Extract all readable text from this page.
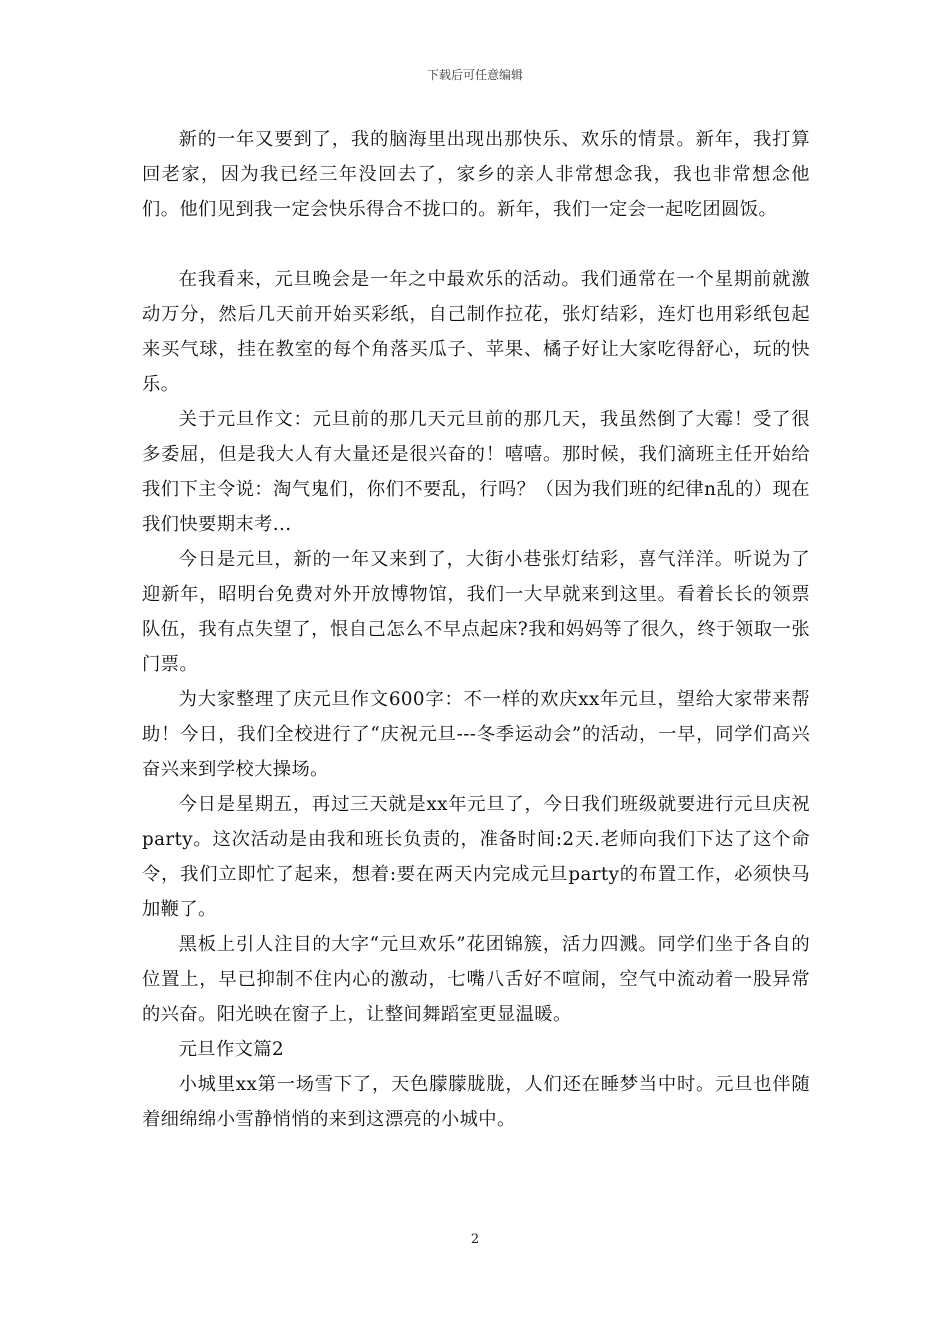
下载后可任意编辑

新的一年又要到了，我的脑海里出现出那快乐、欢乐的情景。新年，我打算回老家，因为我已经三年没回去了，家乡的亲人非常想念我，我也非常想念他们。他们见到我一定会快乐得合不拢口的。新年，我们一定会一起吃团圆饭。

在我看来，元旦晚会是一年之中最欢乐的活动。我们通常在一个星期前就激动万分，然后几天前开始买彩纸，自己制作拉花，张灯结彩，连灯也用彩纸包起来买气球，挂在教室的每个角落买瓜子、苹果、橘子好让大家吃得舒心，玩的快乐。

关于元旦作文：元旦前的那几天元旦前的那几天，我虽然倒了大霉！受了很多委屈，但是我大人有大量还是很兴奋的！嘻嘻。那时候，我们滴班主任开始给我们下主令说：淘气鬼们，你们不要乱，行吗？（因为我们班的纪律n乱的）现在我们快要期末考...

今日是元旦，新的一年又来到了，大街小巷张灯结彩，喜气洋洋。听说为了迎新年，昭明台免费对外开放博物馆，我们一大早就来到这里。看着长长的领票队伍，我有点失望了，恨自己怎么不早点起床?我和妈妈等了很久，终于领取一张门票。

为大家整理了庆元旦作文600字：不一样的欢庆xx年元旦，望给大家带来帮助！今日，我们全校进行了“庆祝元旦---冬季运动会”的活动，一早，同学们高兴奋兴来到学校大操场。

今日是星期五，再过三天就是xx年元旦了，今日我们班级就要进行元旦庆祝party。这次活动是由我和班长负责的，准备时间:2天.老师向我们下达了这个命令，我们立即忙了起来，想着:要在两天内完成元旦party的布置工作，必须快马加鞭了。

黑板上引人注目的大字“元旦欢乐”花团锦簇，活力四溅。同学们坐于各自的位置上，早已抑制不住内心的激动，七嘴八舌好不喧闹，空气中流动着一股异常的兴奋。阳光映在窗子上，让整间舞蹈室更显温暖。

元旦作文篇2

小城里xx第一场雪下了，天色朦朦胧胧，人们还在睡梦当中时。元旦也伴随着细绵绵小雪静悄悄的来到这漂亮的小城中。

2
